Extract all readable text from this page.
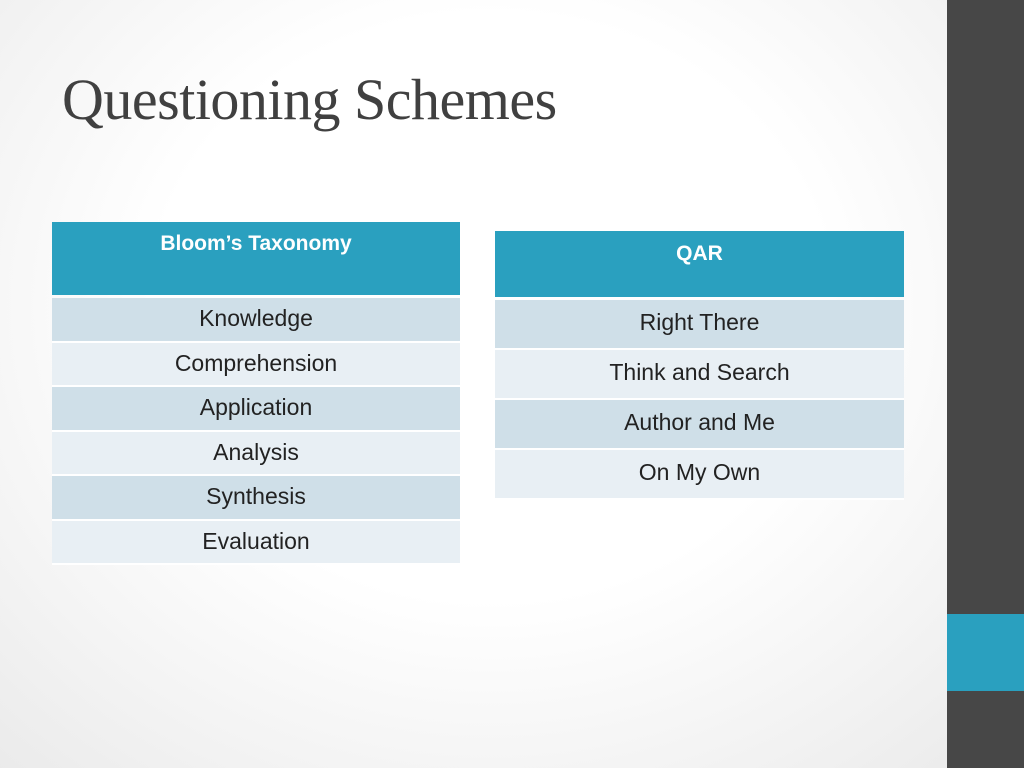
Questioning Schemes
Bloom’s Taxonomy
Knowledge
Comprehension
Application
Analysis
Synthesis
Evaluation
QAR
Right There
Think and Search
Author and Me
On My Own
